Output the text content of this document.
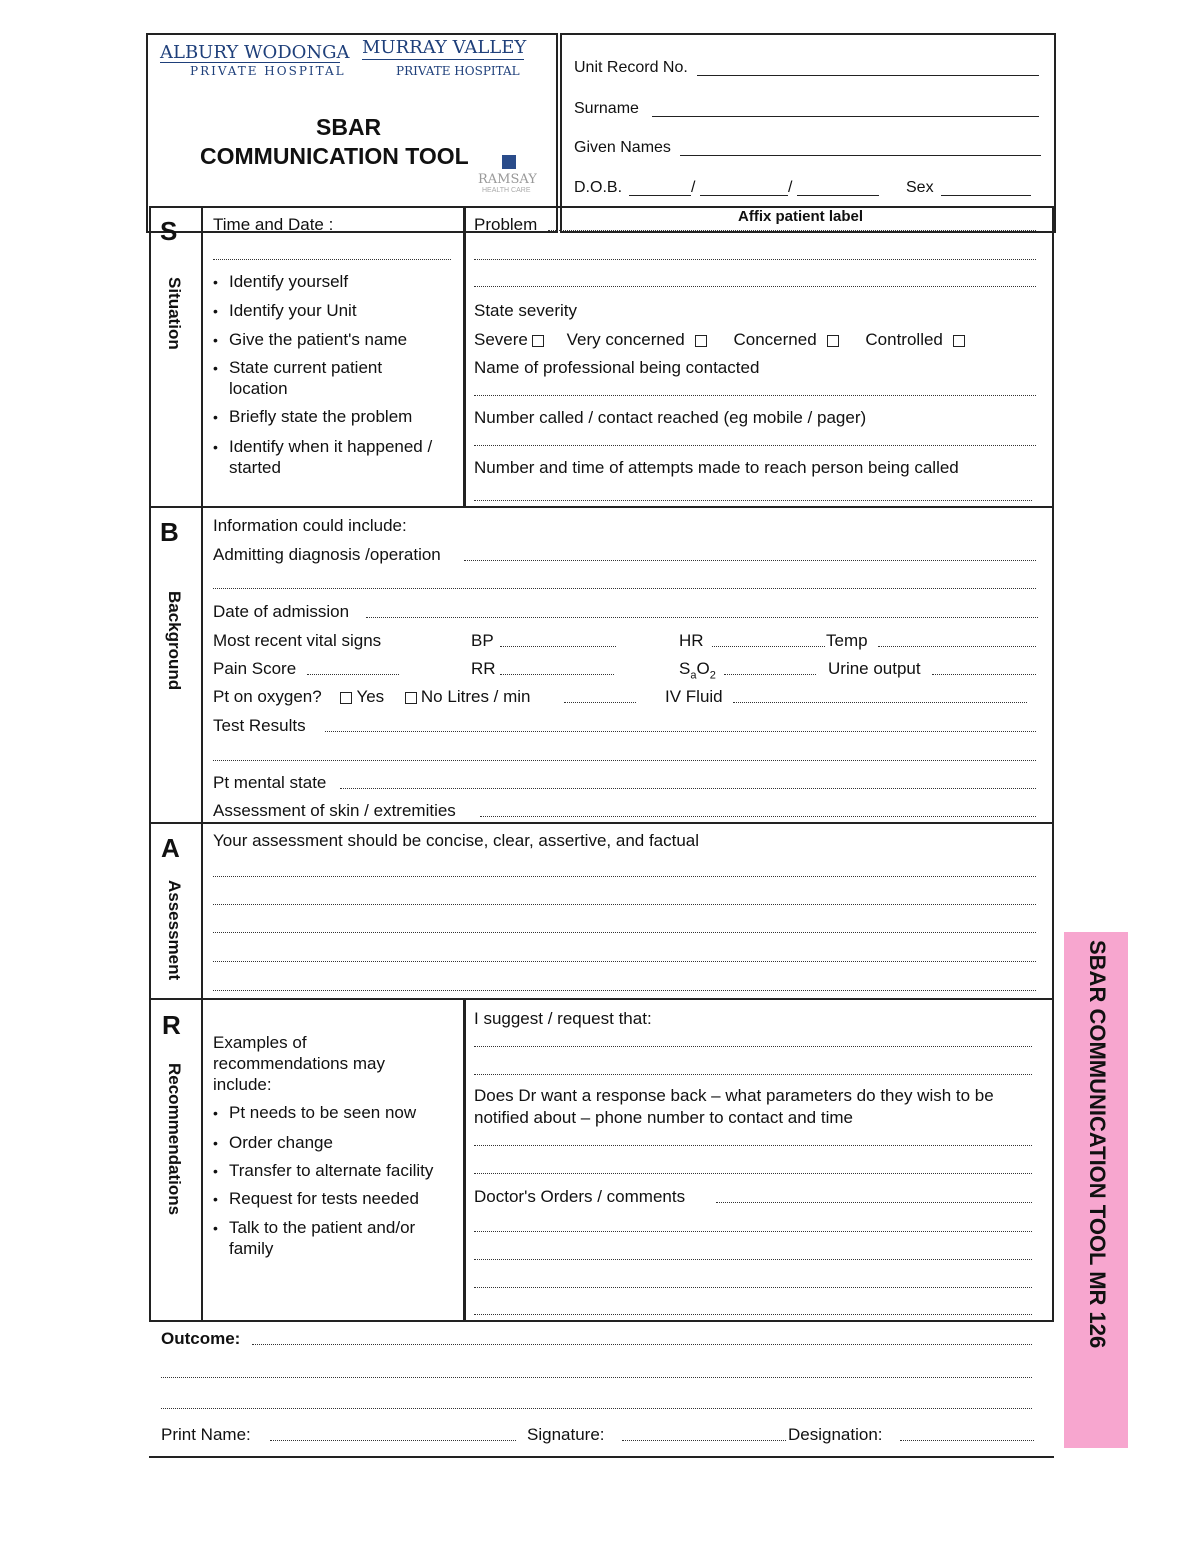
ALBURY WODONGA
PRIVATE HOSPITAL
MURRAY VALLEY
PRIVATE HOSPITAL
SBAR
COMMUNICATION TOOL
RAMSAY
HEALTH CARE
Unit Record No.
Surname
Given Names
D.O.B.	/	/	Sex
Affix patient label
S
Situation
Time and Date :
• Identify yourself
• Identify your Unit
• Give the patient's name
• State current patient
location
• Briefly state the problem
• Identify when it happened /
started
Problem
State severity
Severe Very concerned	Concerned	Controlled
Name of professional being contacted
Number called / contact reached (eg mobile / pager)
Number and time of attempts made to reach person being called
B
Background
Information could include:
Admitting diagnosis /operation
Date of admission
Most recent vital signs	BP	HR	Temp
Pain Score	RR	$S_aO_2$	Urine output
Pt on oxygen? Yes No Litres / min	IV Fluid
Test Results
Pt mental state
Assessment of skin / extremities
A
Assessment
Your assessment should be concise, clear, assertive, and factual
R
Recommendations
Examples of
recommendations may
include:
• Pt needs to be seen now
• Order change
• Transfer to alternate facility
• Request for tests needed
• Talk to the patient and/or
family
I suggest / request that:
Does Dr want a response back – what parameters do they wish to be
notified about – phone number to contact and time
Doctor's Orders / comments
Outcome:
Print Name:	Signature:	Designation:
SBAR COMMUNICATION TOOL MR 126
